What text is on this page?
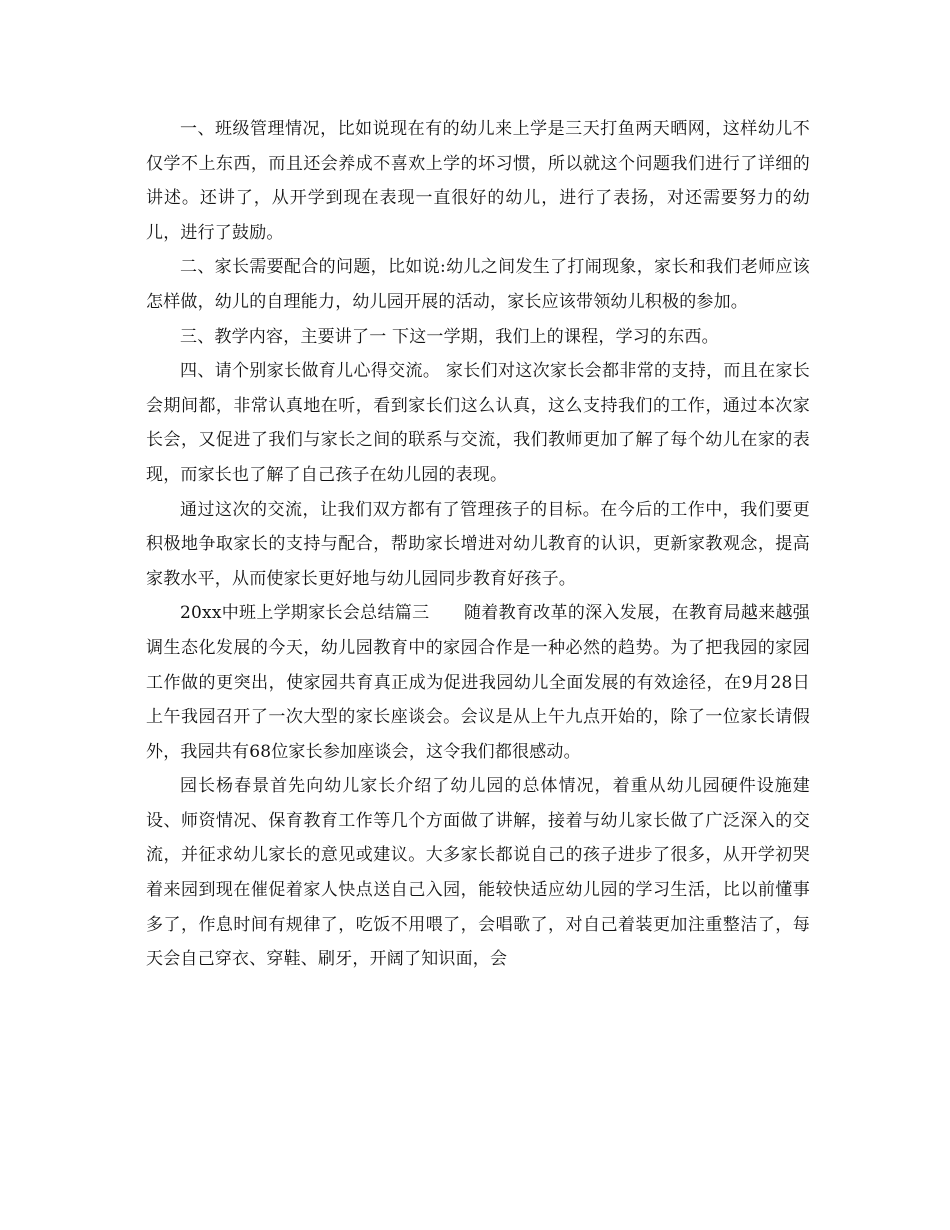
一、班级管理情况，比如说现在有的幼儿来上学是三天打鱼两天晒网，这样幼儿不仅学不上东西，而且还会养成不喜欢上学的坏习惯，所以就这个问题我们进行了详细的讲述。还讲了，从开学到现在表现一直很好的幼儿，进行了表扬，对还需要努力的幼儿，进行了鼓励。

二、家长需要配合的问题，比如说:幼儿之间发生了打闹现象，家长和我们老师应该怎样做，幼儿的自理能力，幼儿园开展的活动，家长应该带领幼儿积极的参加。

三、教学内容，主要讲了一 下这一学期，我们上的课程，学习的东西。

四、请个别家长做育儿心得交流。 家长们对这次家长会都非常的支持，而且在家长会期间都，非常认真地在听，看到家长们这么认真，这么支持我们的工作，通过本次家长会，又促进了我们与家长之间的联系与交流，我们教师更加了解了每个幼儿在家的表现，而家长也了解了自己孩子在幼儿园的表现。

通过这次的交流，让我们双方都有了管理孩子的目标。在今后的工作中，我们要更积极地争取家长的支持与配合，帮助家长增进对幼儿教育的认识，更新家教观念，提高家教水平，从而使家长更好地与幼儿园同步教育好孩子。

20xx中班上学期家长会总结篇三　　随着教育改革的深入发展，在教育局越来越强调生态化发展的今天，幼儿园教育中的家园合作是一种必然的趋势。为了把我园的家园工作做的更突出，使家园共育真正成为促进我园幼儿全面发展的有效途径，在9月28日上午我园召开了一次大型的家长座谈会。会议是从上午九点开始的，除了一位家长请假外，我园共有68位家长参加座谈会，这令我们都很感动。

园长杨春景首先向幼儿家长介绍了幼儿园的总体情况，着重从幼儿园硬件设施建设、师资情况、保育教育工作等几个方面做了讲解，接着与幼儿家长做了广泛深入的交流，并征求幼儿家长的意见或建议。大多家长都说自己的孩子进步了很多，从开学初哭着来园到现在催促着家人快点送自己入园，能较快适应幼儿园的学习生活，比以前懂事多了，作息时间有规律了，吃饭不用喂了，会唱歌了，对自己着装更加注重整洁了，每天会自己穿衣、穿鞋、刷牙，开阔了知识面，会
